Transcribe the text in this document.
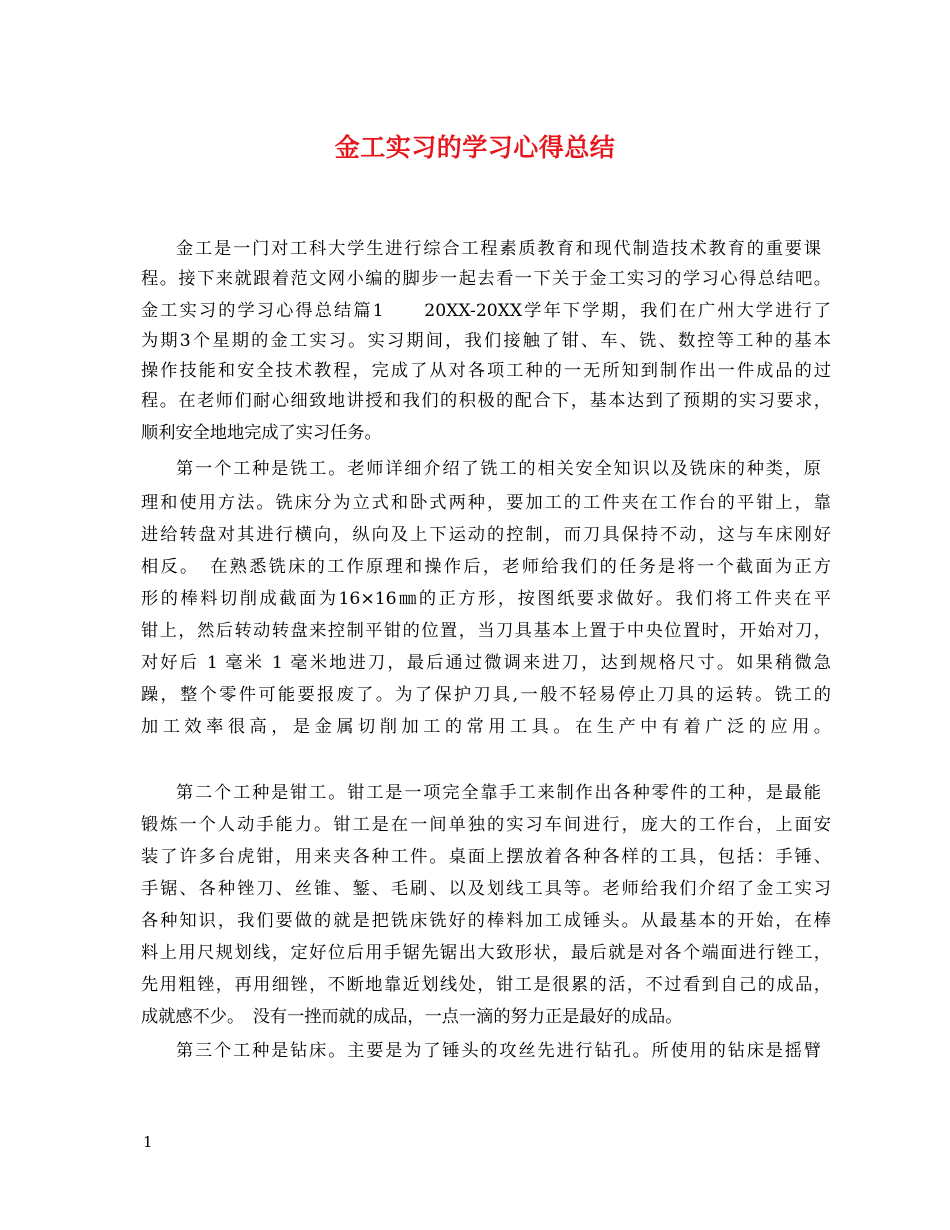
金工实习的学习心得总结

金工是一门对工科大学生进行综合工程素质教育和现代制造技术教育的重要课

程。接下来就跟着范文网小编的脚步一起去看一下关于金工实习的学习心得总结吧。

金工实习的学习心得总结篇1　　20XX-20XX学年下学期，我们在广州大学进行了

为期3个星期的金工实习。实习期间，我们接触了钳、车、铣、数控等工种的基本

操作技能和安全技术教程，完成了从对各项工种的一无所知到制作出一件成品的过

程。在老师们耐心细致地讲授和我们的积极的配合下，基本达到了预期的实习要求，

顺利安全地地完成了实习任务。

第一个工种是铣工。老师详细介绍了铣工的相关安全知识以及铣床的种类，原

理和使用方法。铣床分为立式和卧式两种，要加工的工件夹在工作台的平钳上，靠

进给转盘对其进行横向，纵向及上下运动的控制，而刀具保持不动，这与车床刚好

相反。　在熟悉铣床的工作原理和操作后，老师给我们的任务是将一个截面为正方

形的棒料切削成截面为16×16㎜的正方形，按图纸要求做好。我们将工件夹在平

钳上，然后转动转盘来控制平钳的位置，当刀具基本上置于中央位置时，开始对刀，

对好后 1 毫米 1 毫米地进刀，最后通过微调来进刀，达到规格尺寸。如果稍微急

躁，整个零件可能要报废了。为了保护刀具,一般不轻易停止刀具的运转。铣工的

加工效率很高，是金属切削加工的常用工具。在生产中有着广泛的应用。

第二个工种是钳工。钳工是一项完全靠手工来制作出各种零件的工种，是最能

锻炼一个人动手能力。钳工是在一间单独的实习车间进行，庞大的工作台，上面安

装了许多台虎钳，用来夹各种工件。桌面上摆放着各种各样的工具，包括：手锤、

手锯、各种锉刀、丝锥、錾、毛刷、以及划线工具等。老师给我们介绍了金工实习

各种知识，我们要做的就是把铣床铣好的棒料加工成锤头。从最基本的开始，在棒

料上用尺规划线，定好位后用手锯先锯出大致形状，最后就是对各个端面进行锉工，

先用粗锉，再用细锉，不断地靠近划线处，钳工是很累的活，不过看到自己的成品，

成就感不少。　没有一挫而就的成品，一点一滴的努力正是最好的成品。

第三个工种是钻床。主要是为了锤头的攻丝先进行钻孔。所使用的钻床是摇臂

1
